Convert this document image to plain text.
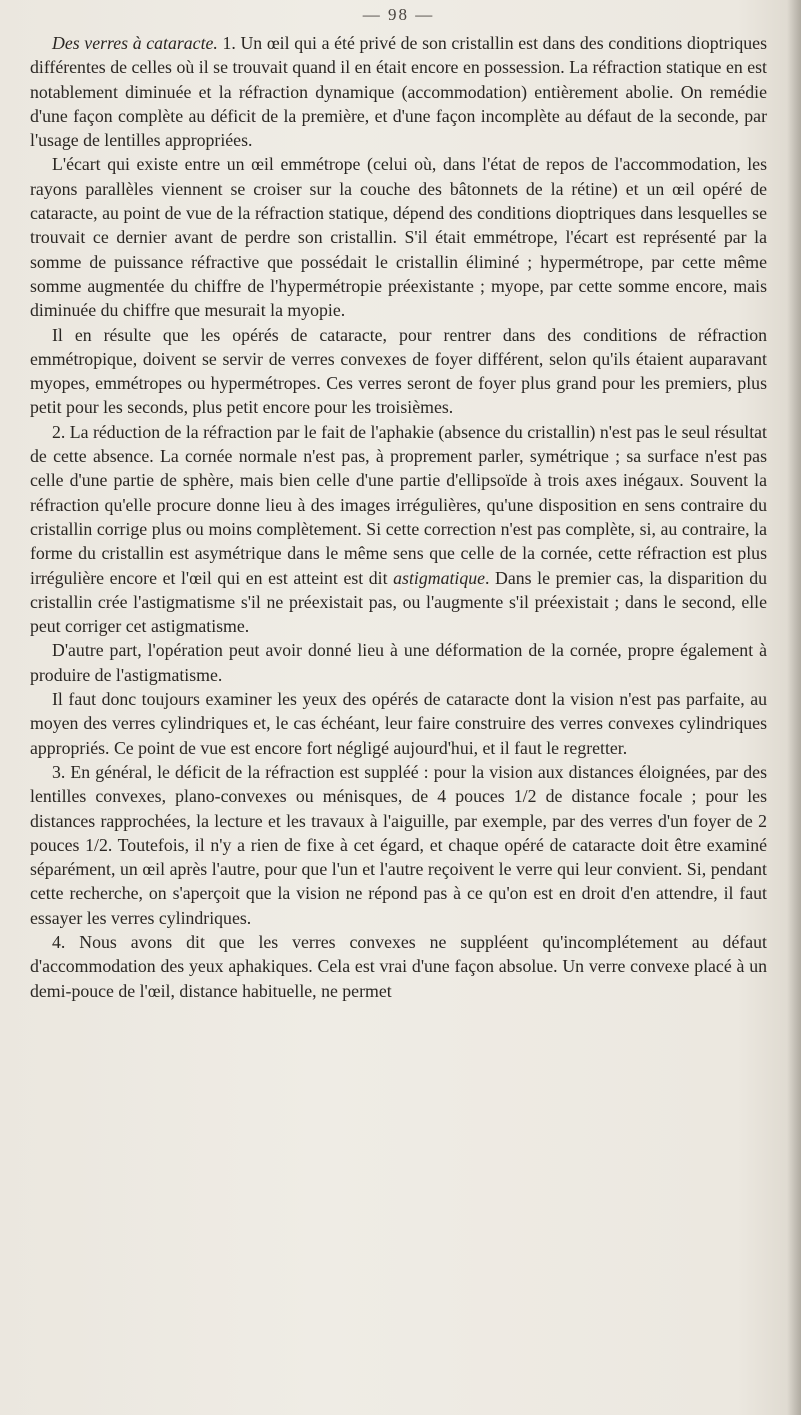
— 98 —

Des verres à cataracte. 1. Un œil qui a été privé de son cristallin est dans des conditions dioptriques différentes de celles où il se trouvait quand il en était encore en possession. La réfraction statique en est notablement diminuée et la réfraction dynamique (accommodation) entièrement abolie. On remédie d'une façon complète au déficit de la première, et d'une façon incomplète au défaut de la seconde, par l'usage de lentilles appropriées.

L'écart qui existe entre un œil emmétrope (celui où, dans l'état de repos de l'accommodation, les rayons parallèles viennent se croiser sur la couche des bâtonnets de la rétine) et un œil opéré de cataracte, au point de vue de la réfraction statique, dépend des conditions dioptriques dans lesquelles se trouvait ce dernier avant de perdre son cristallin. S'il était emmétrope, l'écart est représenté par la somme de puissance réfractive que possédait le cristallin éliminé ; hypermétrope, par cette même somme augmentée du chiffre de l'hypermétropie préexistante ; myope, par cette somme encore, mais diminuée du chiffre que mesurait la myopie.

Il en résulte que les opérés de cataracte, pour rentrer dans des conditions de réfraction emmétropique, doivent se servir de verres convexes de foyer différent, selon qu'ils étaient auparavant myopes, emmétropes ou hypermétropes. Ces verres seront de foyer plus grand pour les premiers, plus petit pour les seconds, plus petit encore pour les troisièmes.

2. La réduction de la réfraction par le fait de l'aphakie (absence du cristallin) n'est pas le seul résultat de cette absence. La cornée normale n'est pas, à proprement parler, symétrique ; sa surface n'est pas celle d'une partie de sphère, mais bien celle d'une partie d'ellipsoïde à trois axes inégaux. Souvent la réfraction qu'elle procure donne lieu à des images irrégulières, qu'une disposition en sens contraire du cristallin corrige plus ou moins complètement. Si cette correction n'est pas complète, si, au contraire, la forme du cristallin est asymétrique dans le même sens que celle de la cornée, cette réfraction est plus irrégulière encore et l'œil qui en est atteint est dit astigmatique. Dans le premier cas, la disparition du cristallin crée l'astigmatisme s'il ne préexistait pas, ou l'augmente s'il préexistait ; dans le second, elle peut corriger cet astigmatisme.

D'autre part, l'opération peut avoir donné lieu à une déformation de la cornée, propre également à produire de l'astigmatisme.

Il faut donc toujours examiner les yeux des opérés de cataracte dont la vision n'est pas parfaite, au moyen des verres cylindriques et, le cas échéant, leur faire construire des verres convexes cylindriques appropriés. Ce point de vue est encore fort négligé aujourd'hui, et il faut le regretter.

3. En général, le déficit de la réfraction est suppléé : pour la vision aux distances éloignées, par des lentilles convexes, plano-convexes ou ménisques, de 4 pouces 1/2 de distance focale ; pour les distances rapprochées, la lecture et les travaux à l'aiguille, par exemple, par des verres d'un foyer de 2 pouces 1/2. Toutefois, il n'y a rien de fixe à cet égard, et chaque opéré de cataracte doit être examiné séparément, un œil après l'autre, pour que l'un et l'autre reçoivent le verre qui leur convient. Si, pendant cette recherche, on s'aperçoit que la vision ne répond pas à ce qu'on est en droit d'en attendre, il faut essayer les verres cylindriques.

4. Nous avons dit que les verres convexes ne suppléent qu'incomplétement au défaut d'accommodation des yeux aphakiques. Cela est vrai d'une façon absolue. Un verre convexe placé à un demi-pouce de l'œil, distance habituelle, ne permet
